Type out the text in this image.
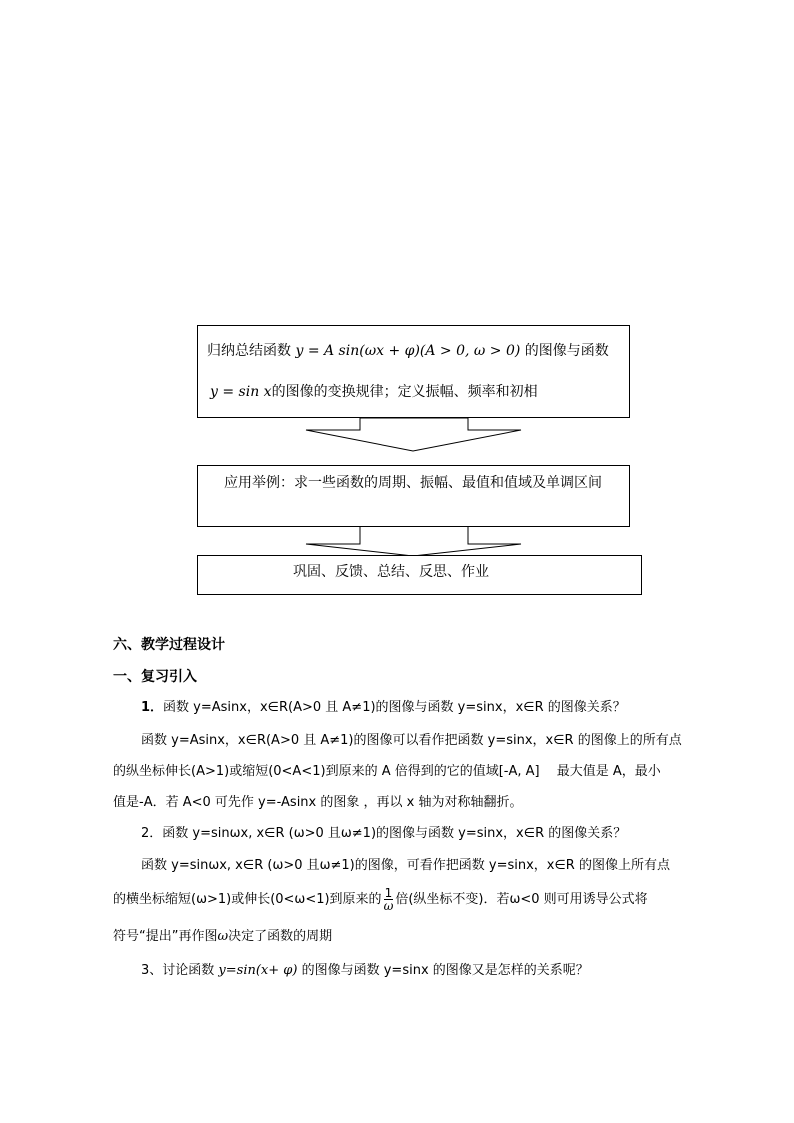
归纳总结函数 y = A sin(ωx + φ)(A > 0, ω > 0) 的图像与函数
y = sin x的图像的变换规律；定义振幅、频率和初相
应用举例：求一些函数的周期、振幅、最值和值域及单调区间
巩固、反馈、总结、反思、作业
六、教学过程设计
一、复习引入
1．函数 y=Asinx，x∈R(A>0 且 A≠1)的图像与函数 y=sinx，x∈R 的图像关系？
函数 y=Asinx，x∈R(A>0 且 A≠1)的图像可以看作把函数 y=sinx，x∈R 的图像上的所有点
的纵坐标伸长(A>1)或缩短(0<A<1)到原来的 A 倍得到的它的值域[-A, A]　 最大值是 A，最小
值是-A．若 A<0 可先作 y=-Asinx 的图象 ，再以 x 轴为对称轴翻折。
2．函数 y=sinωx, x∈R (ω>0 且ω≠1)的图像与函数 y=sinx，x∈R 的图像关系？
函数 y=sinωx, x∈R (ω>0 且ω≠1)的图像，可看作把函数 y=sinx，x∈R 的图像上所有点
的横坐标缩短(ω>1)或伸长(0<ω<1)到原来的 $\frac{1}{\omega}$ 倍(纵坐标不变)．若ω<0 则可用诱导公式将
符号“提出”再作图ω决定了函数的周期
3、讨论函数 y=sin(x+ φ) 的图像与函数 y=sinx 的图像又是怎样的关系呢？
